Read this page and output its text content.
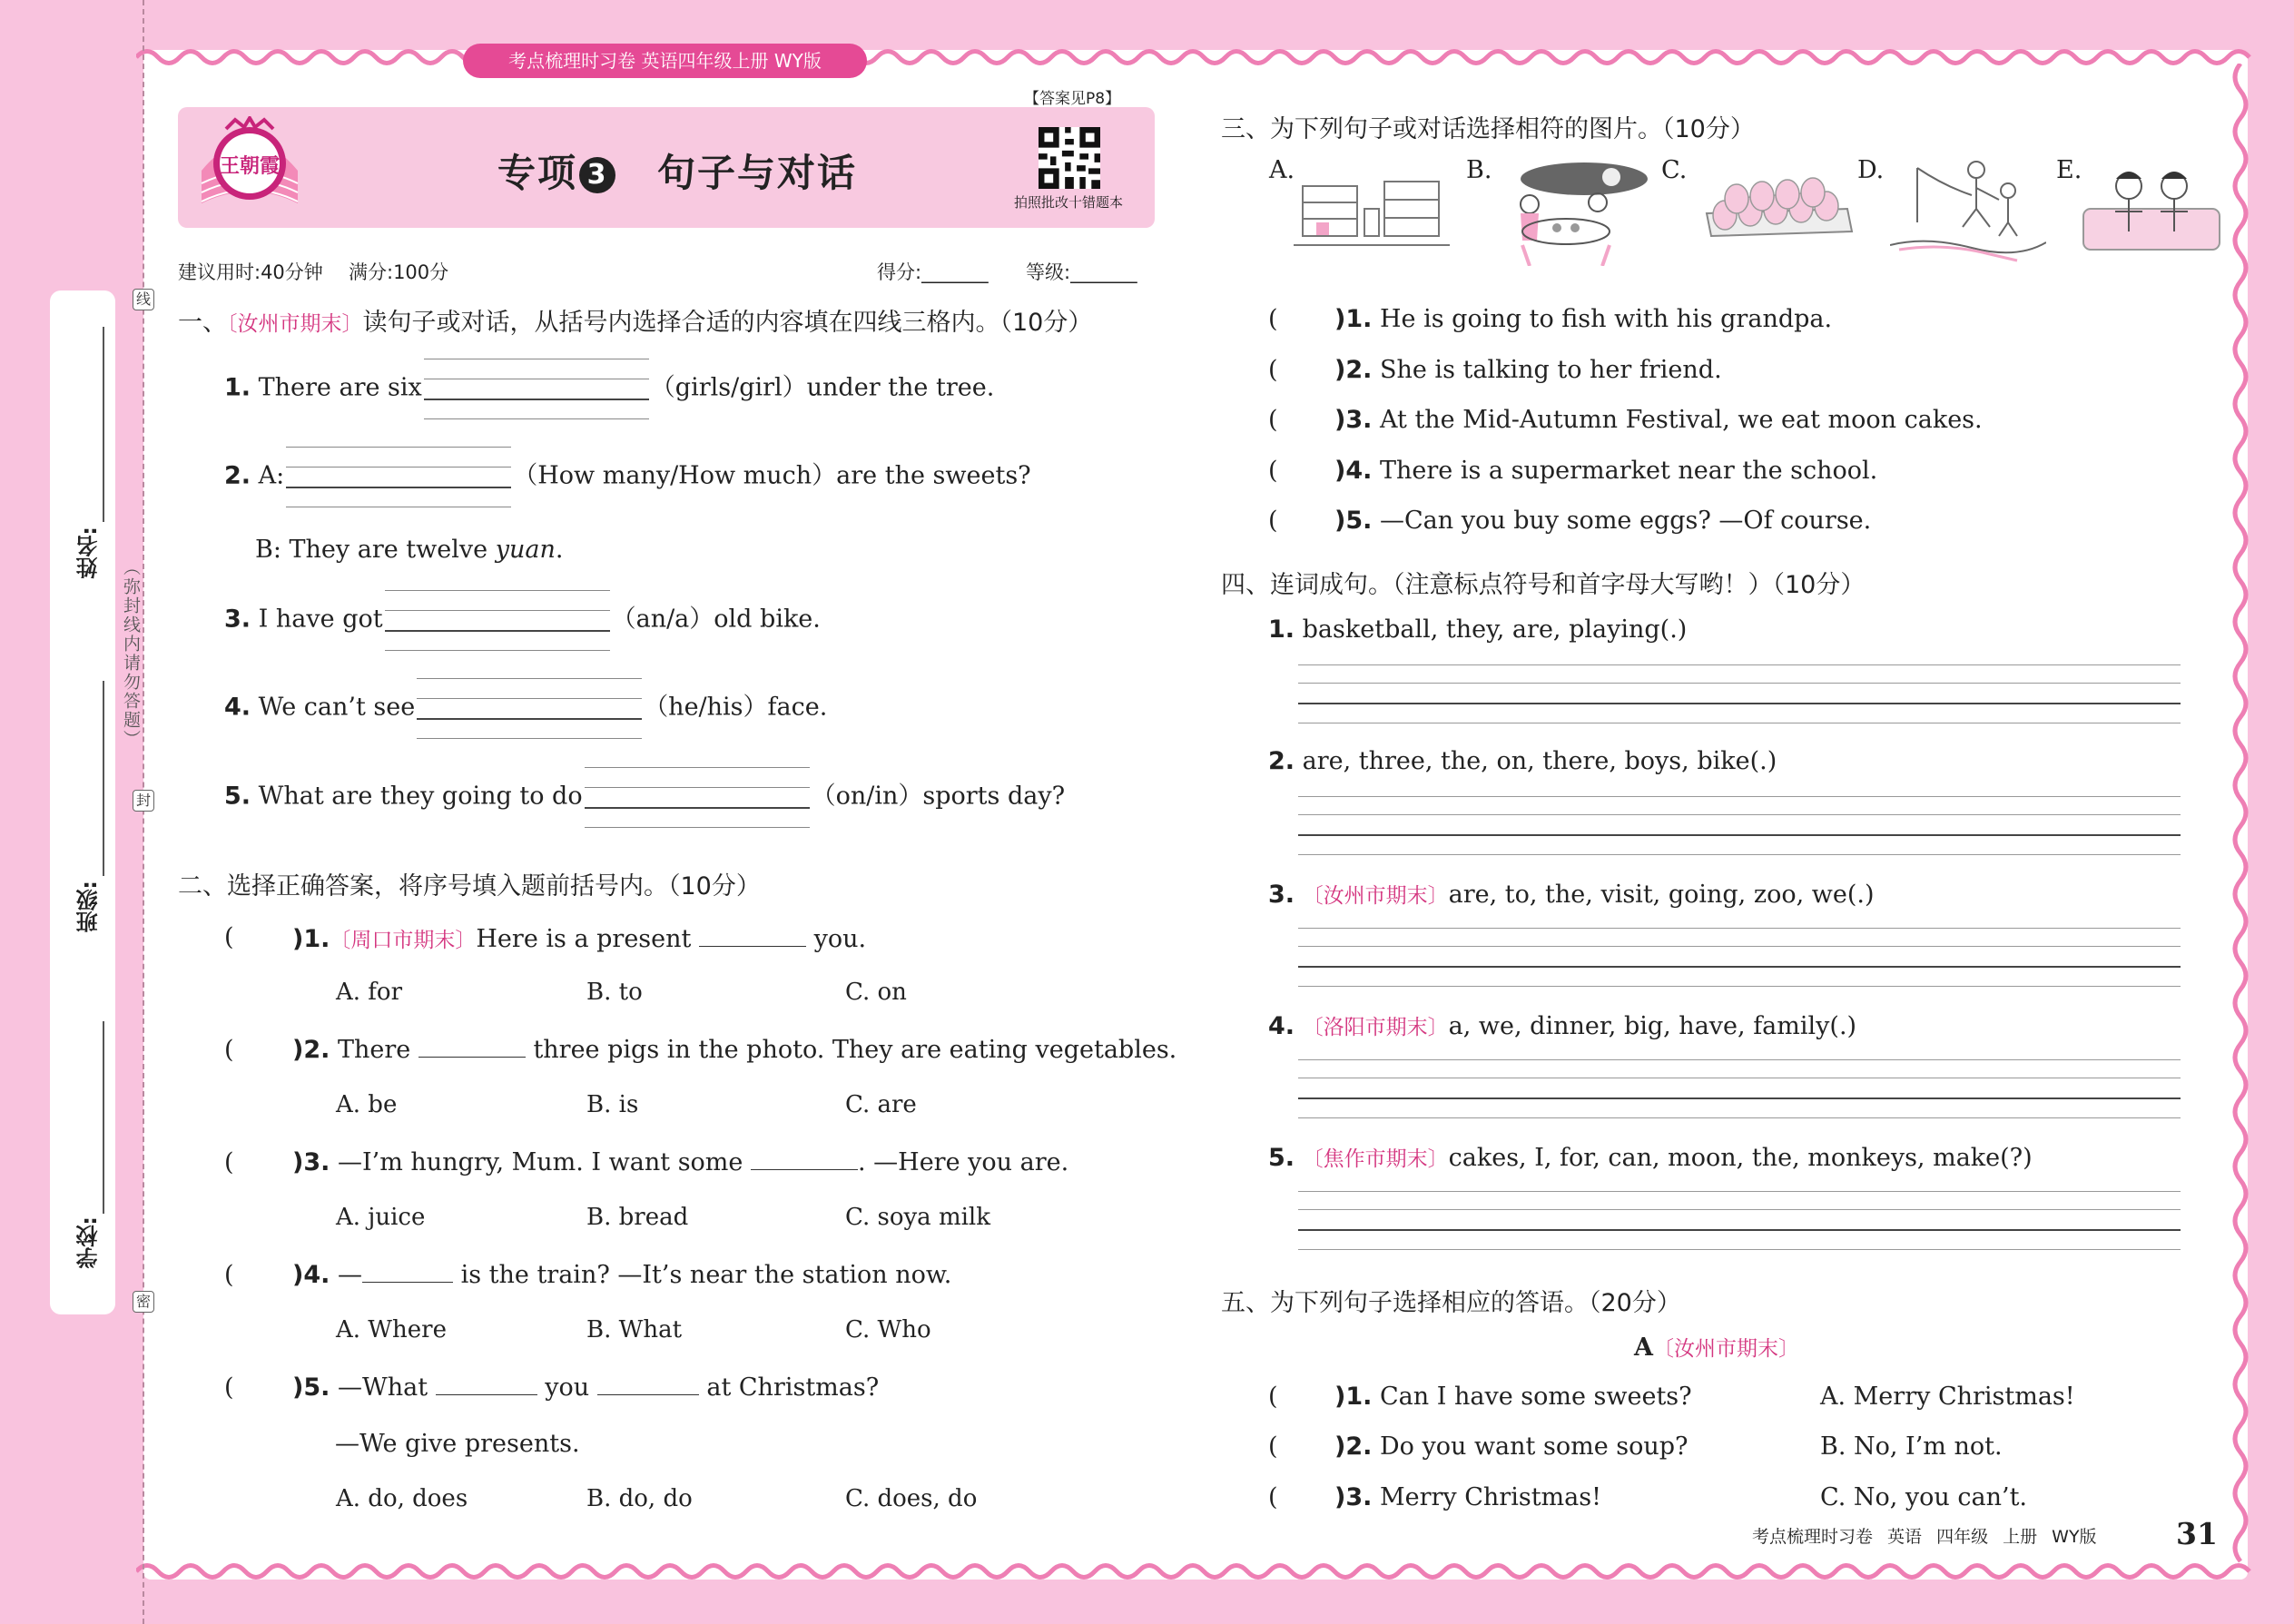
考点梳理时习卷 英语四年级上册 WY版
学校:
班级:
姓名:
（弥封线内请勿答题）
线
封
密
王朝霞	专项 3 句子与对话
【答案见P8】
拍照批改十错题本
建议用时:40分钟 满分:100分	得分:_______ 等级:_______
一、〔汝州市期末〕读句子或对话，从括号内选择合适的内容填在四线三格内。（10分）
1. There are six	（girls/girl）under the tree.
2. A:	（How many/How much）are the sweets?
B: They are twelve yuan.
3. I have got	（an/a）old bike.
4. We can’t see	（he/his）face.
5. What are they going to do	（on/in）sports day?
二、选择正确答案，将序号填入题前括号内。（10分）
( )1.〔周口市期末〕Here is a present	you.
A. for	B. to	C. on
( )2. There	three pigs in the photo. They are eating vegetables.
A. be	B. is	C. are
( )3. —I’m hungry, Mum. I want some	. —Here you are.
A. juice	B. bread	C. soya milk
( )4. —	is the train? —It’s near the station now.
A. Where	B. What	C. Who
( )5. —What	you	at Christmas?
—We give presents.
A. do, does	B. do, do	C. does, do
三、为下列句子或对话选择相符的图片。（10分）
A.	B.	C.	D.	E.
( )1. He is going to fish with his grandpa.
( )2. She is talking to her friend.
( )3. At the Mid-Autumn Festival, we eat moon cakes.
( )4. There is a supermarket near the school.
( )5. —Can you buy some eggs? —Of course.
四、连词成句。（注意标点符号和首字母大写哟！）（10分）
1. basketball, they, are, playing(.)
2. are, three, the, on, there, boys, bike(.)
3. 〔汝州市期末〕are, to, the, visit, going, zoo, we(.)
4. 〔洛阳市期末〕a, we, dinner, big, have, family(.)
5. 〔焦作市期末〕cakes, I, for, can, moon, the, monkeys, make(?)
五、为下列句子选择相应的答语。（20分）
A〔汝州市期末〕
( )1. Can I have some sweets?	A. Merry Christmas!
( )2. Do you want some soup?	B. No, I’m not.
( )3. Merry Christmas!	C. No, you can’t.
考点梳理时习卷 英语 四年级 上册 WY版	31
